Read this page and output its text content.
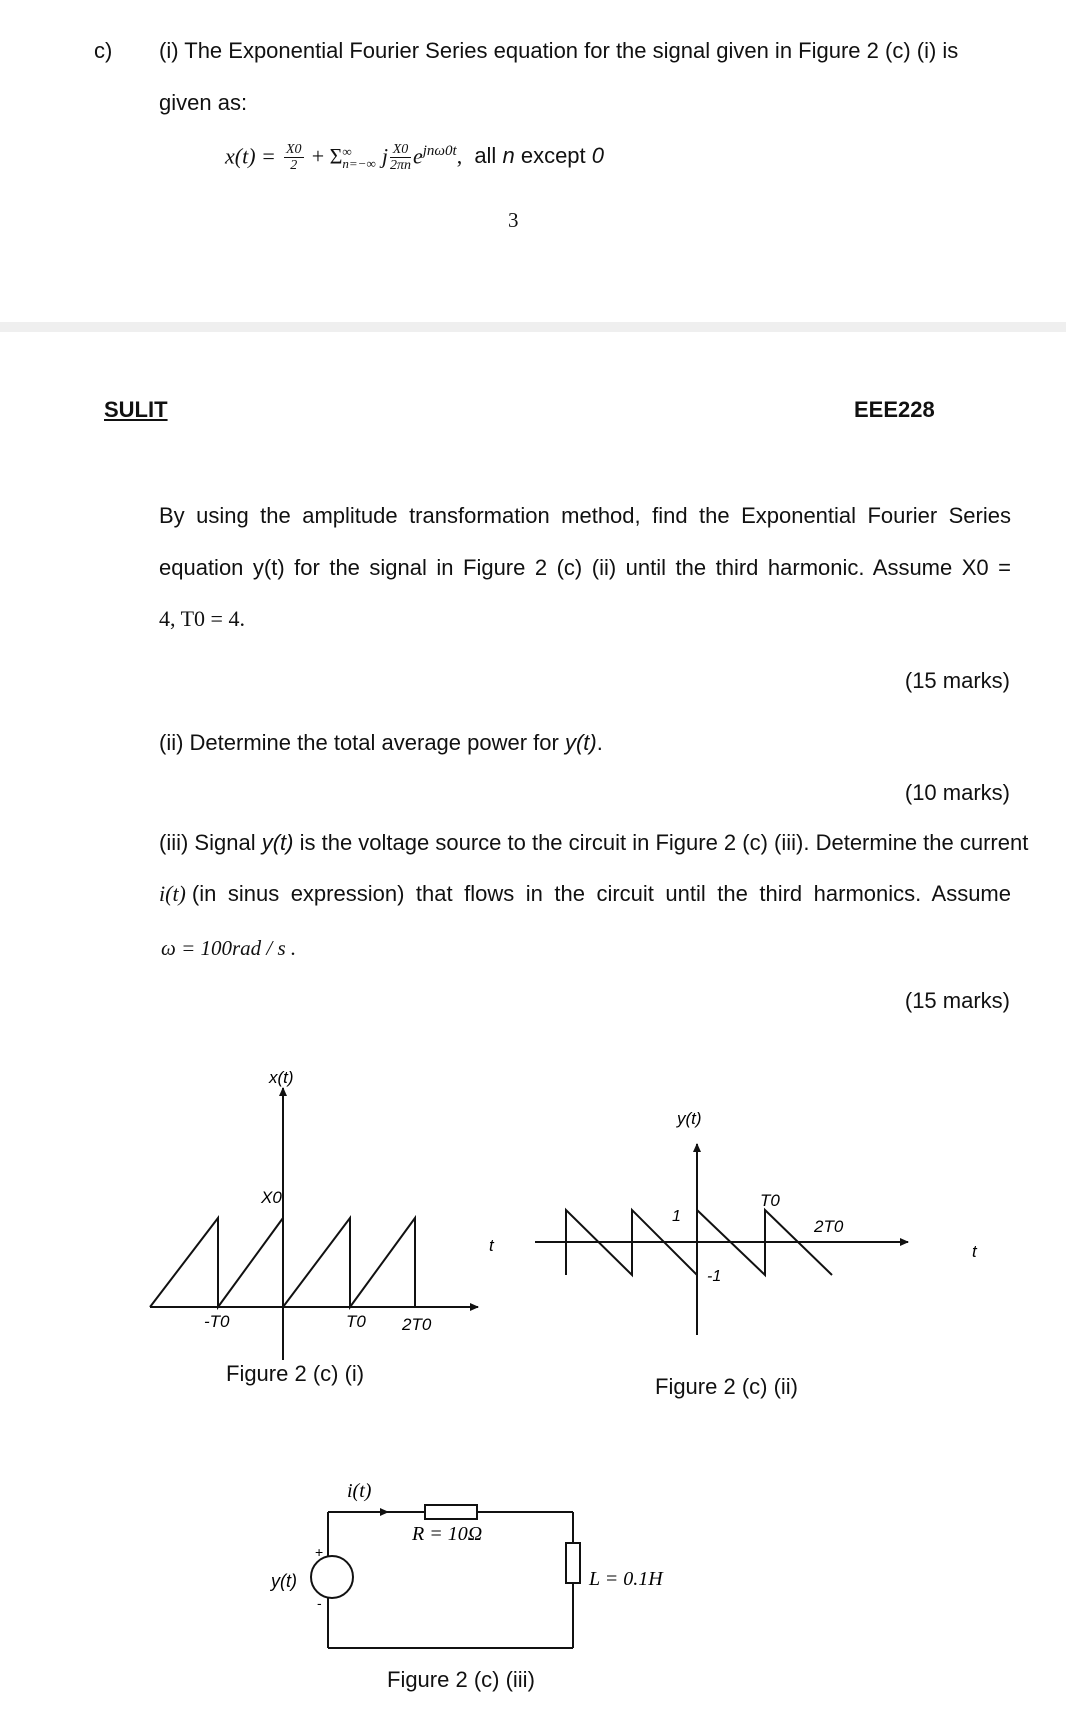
c) (i) The Exponential Fourier Series equation for the signal given in Figure 2 (c) (i) is
given as:
$x(t) = \frac{X0}{2} + \Sigma$ ∞
n=−∞ j $\frac{X0}{2\pi n} e^{jn\omega 0t}$, all n except 0
3
SULIT	EEE228
By using the amplitude transformation method, find the Exponential Fourier Series
equation y(t) for the signal in Figure 2 (c) (ii) until the third harmonic. Assume X0 =
4, T0 = 4.
(15 marks)
(ii) Determine the total average power for y(t).
(10 marks)
(iii) Signal y(t) is the voltage source to the circuit in Figure 2 (c) (iii). Determine the current
i(t) (in sinus expression) that flows in the circuit until the third harmonics. Assume
ω = 100rad / s .
(15 marks)
x(t)
X0
t
-T0	T0 2T0
y(t)
1
-1
T0
2T0
t
i(t)
R = 10Ω
L = 0.1H
y(t)
+
-
Figure 2 (c) (i)
Figure 2 (c) (ii)
Figure 2 (c) (iii)
